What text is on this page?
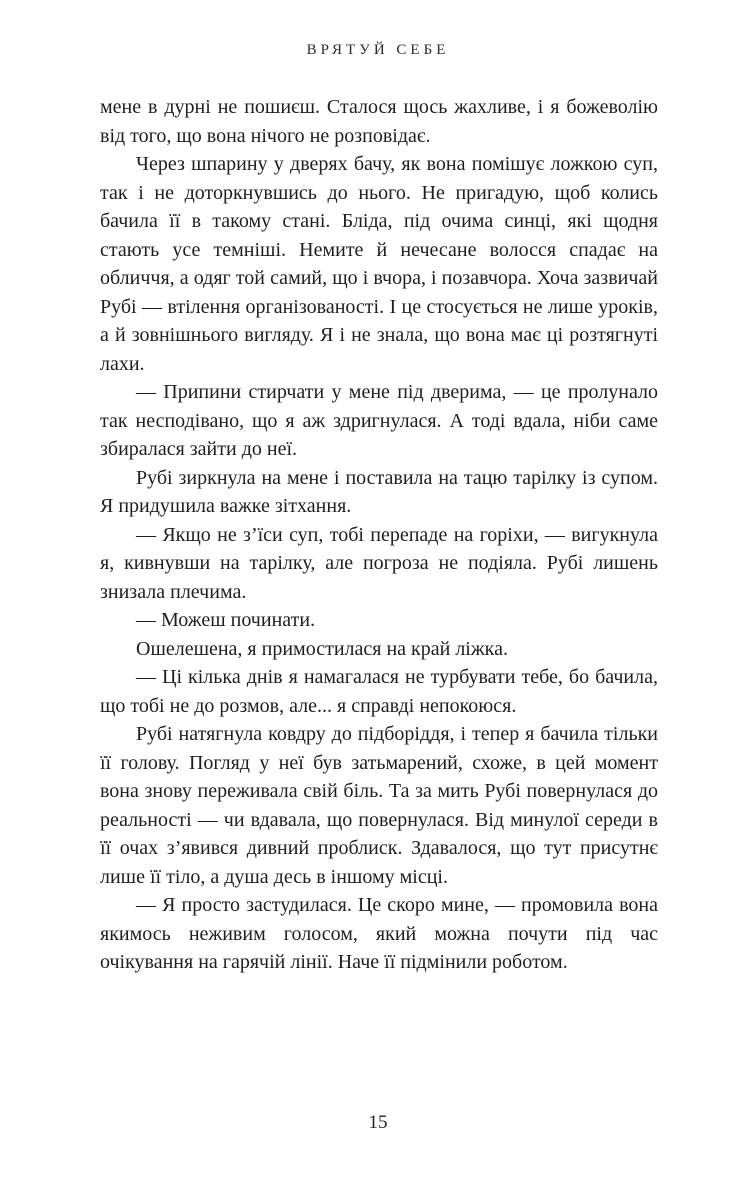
ВРЯТУЙ СЕБЕ

мене в дурні не пошиєш. Сталося щось жахливе, і я божеволію від того, що вона нічого не розповідає.

Через шпарину у дверях бачу, як вона помішує ложкою суп, так і не доторкнувшись до нього. Не пригадую, щоб колись бачила її в такому стані. Бліда, під очима синці, які щодня стають усе темніші. Немите й нечесане волосся спадає на обличчя, а одяг той самий, що і вчора, і позавчора. Хоча зазвичай Рубі — втілення організованості. І це стосується не лише уроків, а й зовнішнього вигляду. Я і не знала, що вона має ці розтягнуті лахи.

— Припини стирчати у мене під дверима, — це пролунало так несподівано, що я аж здригнулася. А тоді вдала, ніби саме збиралася зайти до неї.

Рубі зиркнула на мене і поставила на тацю тарілку із супом. Я придушила важке зітхання.

— Якщо не з’їси суп, тобі перепаде на горіхи, — вигукнула я, кивнувши на тарілку, але погроза не подіяла. Рубі лишень знизала плечима.

— Можеш починати.

Ошелешена, я примостилася на край ліжка.

— Ці кілька днів я намагалася не турбувати тебе, бо бачила, що тобі не до розмов, але... я справді непокоюся.

Рубі натягнула ковдру до підборіддя, і тепер я бачила тільки її голову. Погляд у неї був затьмарений, схоже, в цей момент вона знову переживала свій біль. Та за мить Рубі повернулася до реальності — чи вдавала, що повернулася. Від минулої середи в її очах з’явився дивний проблиск. Здавалося, що тут присутнє лише її тіло, а душа десь в іншому місці.

— Я просто застудилася. Це скоро мине, — промовила вона якимось неживим голосом, який можна почути під час очікування на гарячій лінії. Наче її підмінили роботом.

15
